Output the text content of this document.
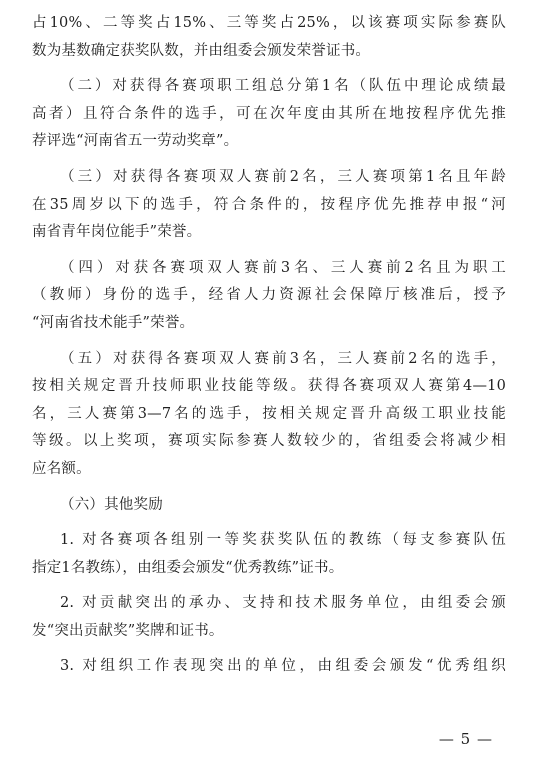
占10%、二等奖占15%、三等奖占25%，以该赛项实际参赛队
数为基数确定获奖队数，并由组委会颁发荣誉证书。
（二）对获得各赛项职工组总分第1名（队伍中理论成绩最
高者）且符合条件的选手，可在次年度由其所在地按程序优先推
荐评选“河南省五一劳动奖章”。
（三）对获得各赛项双人赛前2名，三人赛项第1名且年龄
在35周岁以下的选手，符合条件的，按程序优先推荐申报“河
南省青年岗位能手”荣誉。
（四）对获各赛项双人赛前3名、三人赛前2名且为职工
（教师）身份的选手，经省人力资源社会保障厅核准后，授予
“河南省技术能手”荣誉。
（五）对获得各赛项双人赛前3名，三人赛前2名的选手，
按相关规定晋升技师职业技能等级。获得各赛项双人赛第4—10
名，三人赛第3—7名的选手，按相关规定晋升高级工职业技能
等级。以上奖项，赛项实际参赛人数较少的，省组委会将减少相
应名额。
（六）其他奖励
1. 对各赛项各组别一等奖获奖队伍的教练（每支参赛队伍
指定1名教练），由组委会颁发“优秀教练”证书。
2. 对贡献突出的承办、支持和技术服务单位，由组委会颁
发“突出贡献奖”奖牌和证书。
3. 对组织工作表现突出的单位，由组委会颁发“优秀组织
— 5 —
